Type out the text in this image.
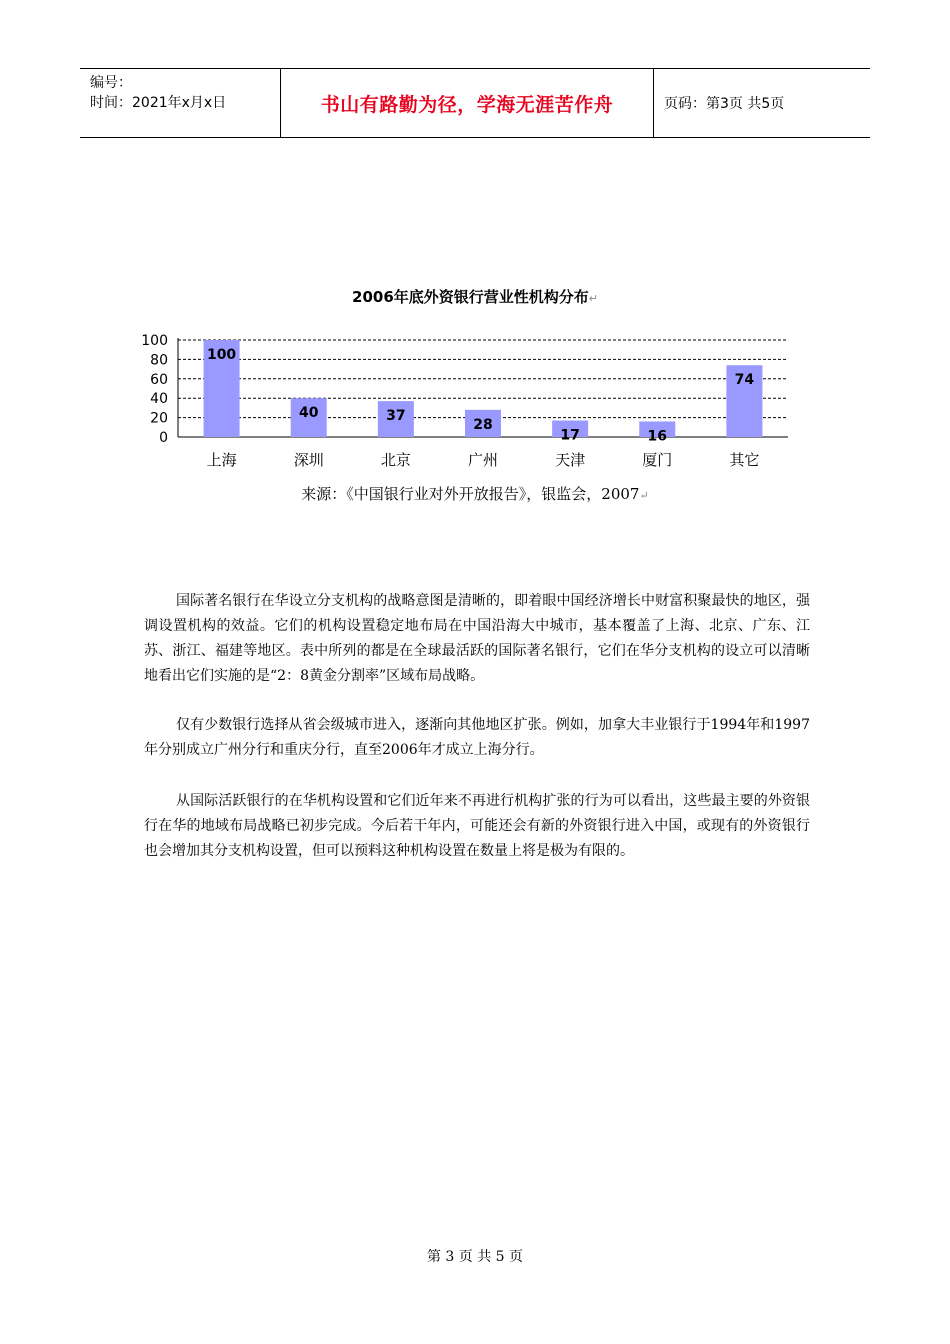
编号：
时间：2021年x月x日	书山有路勤为径，学海无涯苦作舟	页码：第3页 共5页
2006年底外资银行营业性机构分布↵
0
20
40
60
80
100
100
上海
40
深圳
37
北京
28
广州
17
天津
16
厦门
74
其它
来源：《中国银行业对外开放报告》，银监会，2007↵

国际著名银行在华设立分支机构的战略意图是清晰的，即着眼中国经济增长中财富积聚最快的地区，强调设置机构的效益。它们的机构设置稳定地布局在中国沿海大中城市，基本覆盖了上海、北京、广东、江苏、浙江、福建等地区。表中所列的都是在全球最活跃的国际著名银行，它们在华分支机构的设立可以清晰地看出它们实施的是“2：8黄金分割率”区域布局战略。

仅有少数银行选择从省会级城市进入，逐渐向其他地区扩张。例如，加拿大丰业银行于1994年和1997年分别成立广州分行和重庆分行，直至2006年才成立上海分行。

从国际活跃银行的在华机构设置和它们近年来不再进行机构扩张的行为可以看出，这些最主要的外资银行在华的地域布局战略已初步完成。今后若干年内，可能还会有新的外资银行进入中国，或现有的外资银行也会增加其分支机构设置，但可以预料这种机构设置在数量上将是极为有限的。

第 3 页 共 5 页
